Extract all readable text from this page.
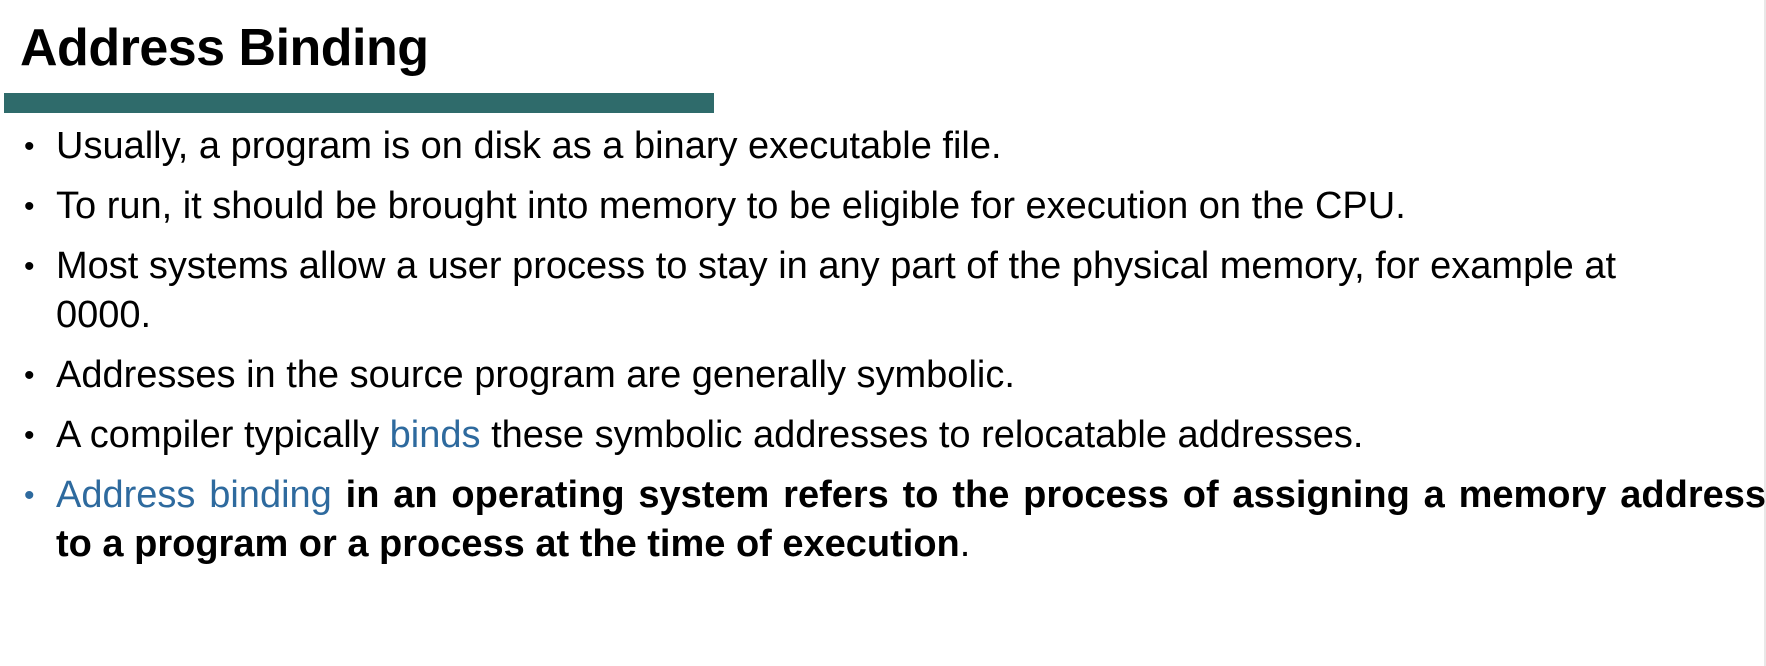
Address Binding
• Usually, a program is on disk as a binary executable file.
• To run, it should be brought into memory to be eligible for execution on the CPU.
• Most systems allow a user process to stay in any part of the physical memory, for example at
0000.
• Addresses in the source program are generally symbolic.
• A compiler typically binds these symbolic addresses to relocatable addresses.
• Address binding in an operating system refers to the process of assigning a memory address to a program or a process at the time of execution.
